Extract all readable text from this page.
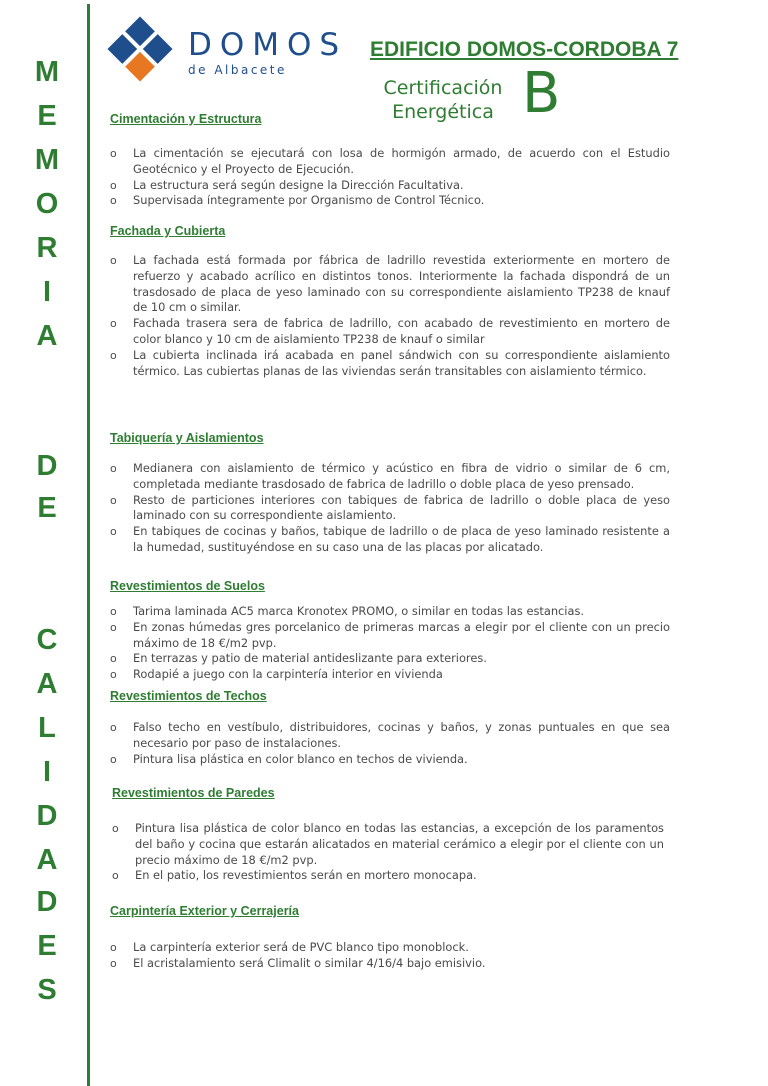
M
E
M
O
R
I
A
D
E
C
A
L
I
D
A
D
E
S
DOMOS
de Albacete
EDIFICIO DOMOS-CORDOBA 7
Certificación
Energética B
Cimentación y Estructura
o La cimentación se ejecutará con losa de hormigón armado, de acuerdo con el Estudio Geotécnico y el Proyecto de Ejecución.
o La estructura será según designe la Dirección Facultativa.
o Supervisada íntegramente por Organismo de Control Técnico.
Fachada y Cubierta
o La fachada está formada por fábrica de ladrillo revestida exteriormente en mortero de refuerzo y acabado acrílico en distintos tonos. Interiormente la fachada dispondrá de un trasdosado de placa de yeso laminado con su correspondiente aislamiento TP238 de knauf de 10 cm o similar.
o Fachada trasera sera de fabrica de ladrillo, con acabado de revestimiento en mortero de color blanco y 10 cm de aislamiento TP238 de knauf o similar
o La cubierta inclinada irá acabada en panel sándwich con su correspondiente aislamiento térmico. Las cubiertas planas de las viviendas serán transitables con aislamiento térmico.
Tabiquería y Aislamientos
o Medianera con aislamiento de térmico y acústico en fibra de vidrio o similar de 6 cm, completada mediante trasdosado de fabrica de ladrillo o doble placa de yeso prensado.
o Resto de particiones interiores con tabiques de fabrica de ladrillo o doble placa de yeso laminado con su correspondiente aislamiento.
o En tabiques de cocinas y baños, tabique de ladrillo o de placa de yeso laminado resistente a la humedad, sustituyéndose en su caso una de las placas por alicatado.
Revestimientos de Suelos
o Tarima laminada AC5 marca Kronotex PROMO, o similar en todas las estancias.
o En zonas húmedas gres porcelanico de primeras marcas a elegir por el cliente con un precio máximo de 18 €/m2 pvp.
o En terrazas y patio de material antideslizante para exteriores.
o Rodapié a juego con la carpintería interior en vivienda
Revestimientos de Techos
o Falso techo en vestíbulo, distribuidores, cocinas y baños, y zonas puntuales en que sea necesario por paso de instalaciones.
o Pintura lisa plástica en color blanco en techos de vivienda.
Revestimientos de Paredes
o Pintura lisa plástica de color blanco en todas las estancias, a excepción de los paramentos del baño y cocina que estarán alicatados en material cerámico a elegir por el cliente con un precio máximo de 18 €/m2 pvp.
o En el patio, los revestimientos serán en mortero monocapa.
Carpintería Exterior y Cerrajería
o La carpintería exterior será de PVC blanco tipo monoblock.
o El acristalamiento será Climalit o similar 4/16/4 bajo emisivio.
